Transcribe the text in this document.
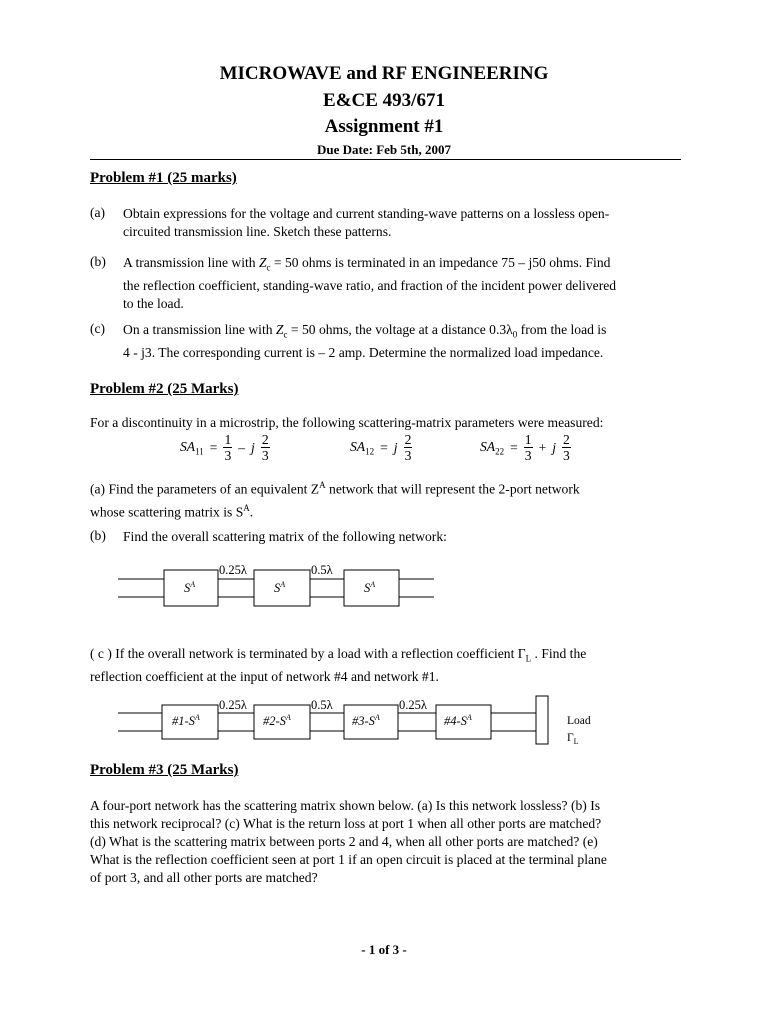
MICROWAVE and RF ENGINEERING
E&CE 493/671
Assignment #1
Due Date: Feb 5th, 2007
Problem #1 (25 marks)
(a) Obtain expressions for the voltage and current standing-wave patterns on a lossless open-
circuited transmission line. Sketch these patterns.
(b) A transmission line with $Z_c = 50$ ohms is terminated in an impedance 75 – j50 ohms. Find
the reflection coefficient, standing-wave ratio, and fraction of the incident power delivered
to the load.
(c) On a transmission line with $Z_c = 50$ ohms, the voltage at a distance $0.3\lambda_0$ from the load is
4 - j3. The corresponding current is – 2 amp. Determine the normalized load impedance.
Problem #2 (25 Marks)
For a discontinuity in a microstrip, the following scattering-matrix parameters were measured:
$SA_{11} = \frac{1}{3} - j \frac{2}{3}$	$SA_{12} = j \frac{2}{3}$	$SA_{22} = \frac{1}{3} + j \frac{2}{3}$
(a) Find the parameters of an equivalent $Z^A$ network that will represent the 2-port network
whose scattering matrix is $S^A$.
(b) Find the overall scattering matrix of the following network:
$S^A$	$S^A$	$S^A$
0.25λ	0.5λ
( c ) If the overall network is terminated by a load with a reflection coefficient $\Gamma_L$ . Find the
reflection coefficient at the input of network #4 and network #1.
$\#1-S^A$	$\#2-S^A$	$\#3-S^A$	$\#4-S^A$
0.25λ	0.5λ	0.25λ
Load
$\Gamma_L$
Problem #3 (25 Marks)
A four-port network has the scattering matrix shown below. (a) Is this network lossless? (b) Is
this network reciprocal? (c) What is the return loss at port 1 when all other ports are matched?
(d) What is the scattering matrix between ports 2 and 4, when all other ports are matched? (e)
What is the reflection coefficient seen at port 1 if an open circuit is placed at the terminal plane
of port 3, and all other ports are matched?
- 1 of 3 -
